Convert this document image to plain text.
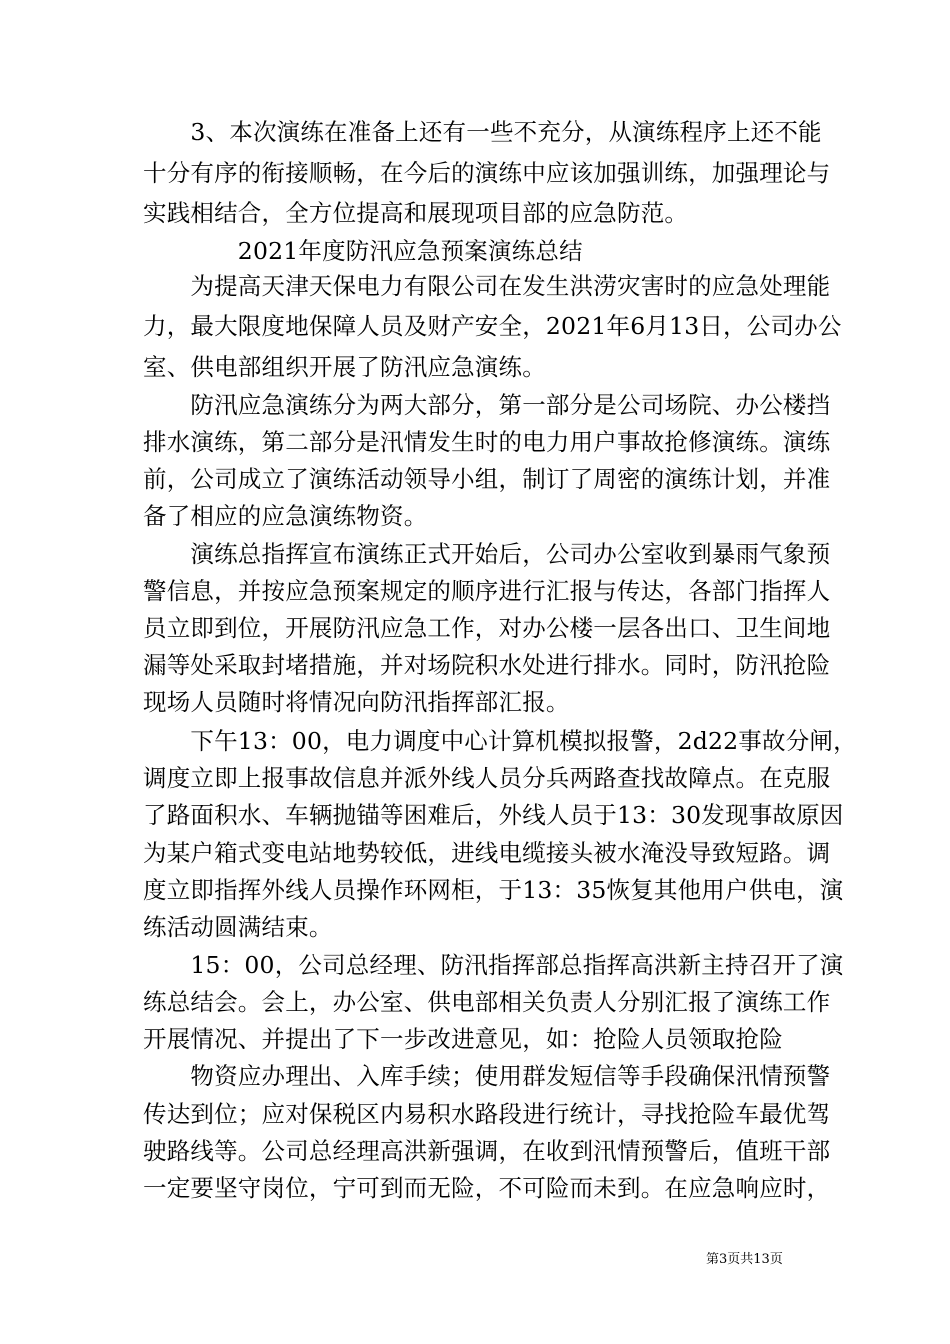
　　3、本次演练在准备上还有一些不充分，从演练程序上还不能
十分有序的衔接顺畅，在今后的演练中应该加强训练，加强理论与
实践相结合，全方位提高和展现项目部的应急防范。
　　　　2021年度防汛应急预案演练总结
　　为提高天津天保电力有限公司在发生洪涝灾害时的应急处理能
力，最大限度地保障人员及财产安全，2021年6月13日，公司办公
室、供电部组织开展了防汛应急演练。
　　防汛应急演练分为两大部分，第一部分是公司场院、办公楼挡
排水演练，第二部分是汛情发生时的电力用户事故抢修演练。演练
前，公司成立了演练活动领导小组，制订了周密的演练计划，并准
备了相应的应急演练物资。
　　演练总指挥宣布演练正式开始后，公司办公室收到暴雨气象预
警信息，并按应急预案规定的顺序进行汇报与传达，各部门指挥人
员立即到位，开展防汛应急工作，对办公楼一层各出口、卫生间地
漏等处采取封堵措施，并对场院积水处进行排水。同时，防汛抢险
现场人员随时将情况向防汛指挥部汇报。
　　下午13：00，电力调度中心计算机模拟报警，2d22事故分闸，
调度立即上报事故信息并派外线人员分兵两路查找故障点。在克服
了路面积水、车辆抛锚等困难后，外线人员于13：30发现事故原因
为某户箱式变电站地势较低，进线电缆接头被水淹没导致短路。调
度立即指挥外线人员操作环网柜，于13：35恢复其他用户供电，演
练活动圆满结束。
　　15：00，公司总经理、防汛指挥部总指挥高洪新主持召开了演
练总结会。会上，办公室、供电部相关负责人分别汇报了演练工作
开展情况、并提出了下一步改进意见，如：抢险人员领取抢险
　　物资应办理出、入库手续；使用群发短信等手段确保汛情预警
传达到位；应对保税区内易积水路段进行统计，寻找抢险车最优驾
驶路线等。公司总经理高洪新强调，在收到汛情预警后，值班干部
一定要坚守岗位，宁可到而无险，不可险而未到。在应急响应时，
第3页共13页
